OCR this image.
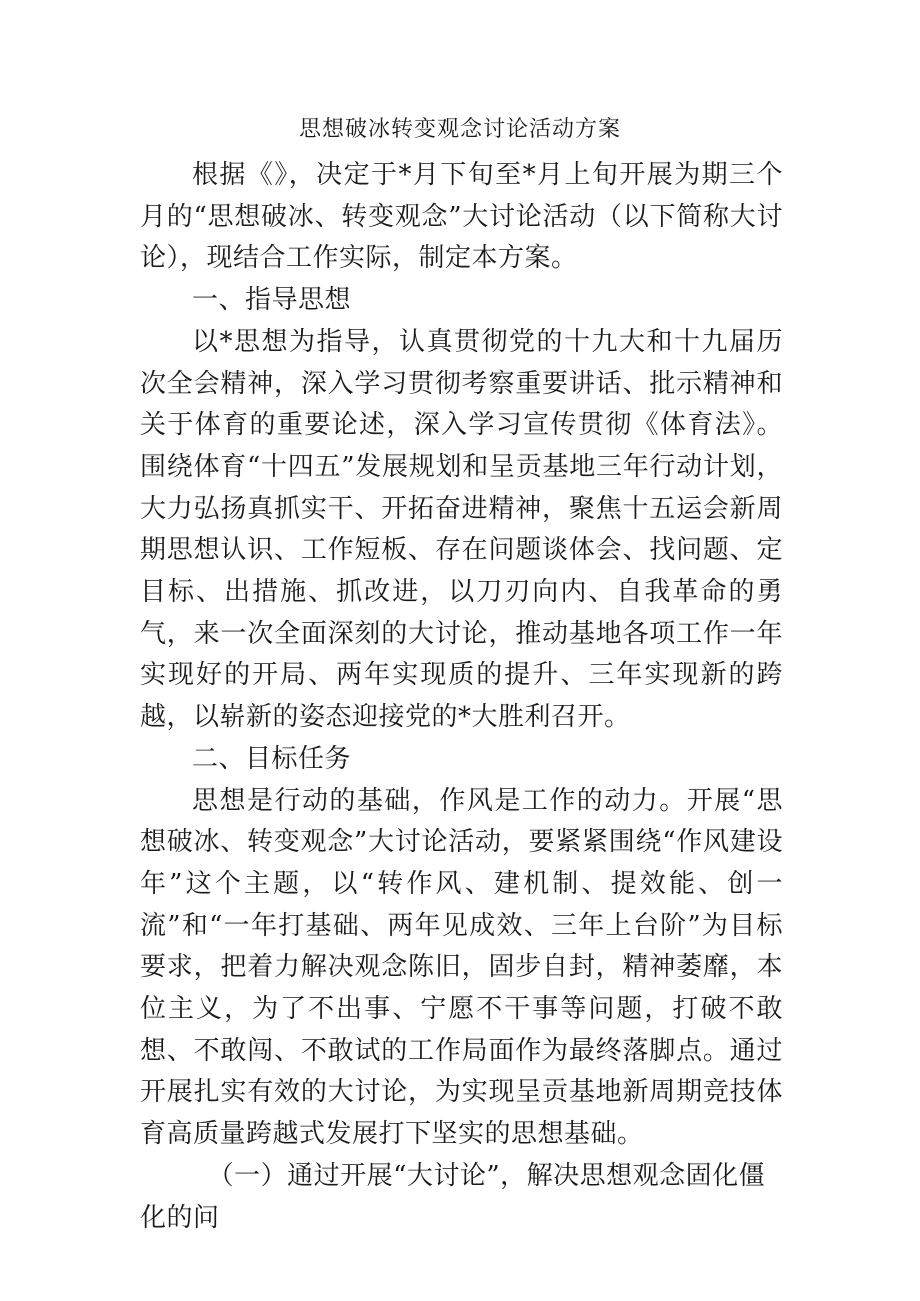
思想破冰转变观念讨论活动方案

根据《》，决定于*月下旬至*月上旬开展为期三个月的“思想破冰、转变观念”大讨论活动（以下简称大讨论），现结合工作实际，制定本方案。

一、指导思想

以*思想为指导，认真贯彻党的十九大和十九届历次全会精神，深入学习贯彻考察重要讲话、批示精神和关于体育的重要论述，深入学习宣传贯彻《体育法》。围绕体育“十四五”发展规划和呈贡基地三年行动计划，大力弘扬真抓实干、开拓奋进精神，聚焦十五运会新周期思想认识、工作短板、存在问题谈体会、找问题、定目标、出措施、抓改进，以刀刃向内、自我革命的勇气，来一次全面深刻的大讨论，推动基地各项工作一年实现好的开局、两年实现质的提升、三年实现新的跨越，以崭新的姿态迎接党的*大胜利召开。

二、目标任务

思想是行动的基础，作风是工作的动力。开展“思想破冰、转变观念”大讨论活动，要紧紧围绕“作风建设年”这个主题，以“转作风、建机制、提效能、创一流”和“一年打基础、两年见成效、三年上台阶”为目标要求，把着力解决观念陈旧，固步自封，精神萎靡，本位主义，为了不出事、宁愿不干事等问题，打破不敢想、不敢闯、不敢试的工作局面作为最终落脚点。通过开展扎实有效的大讨论，为实现呈贡基地新周期竞技体育高质量跨越式发展打下坚实的思想基础。

（一）通过开展“大讨论”，解决思想观念固化僵化的问
